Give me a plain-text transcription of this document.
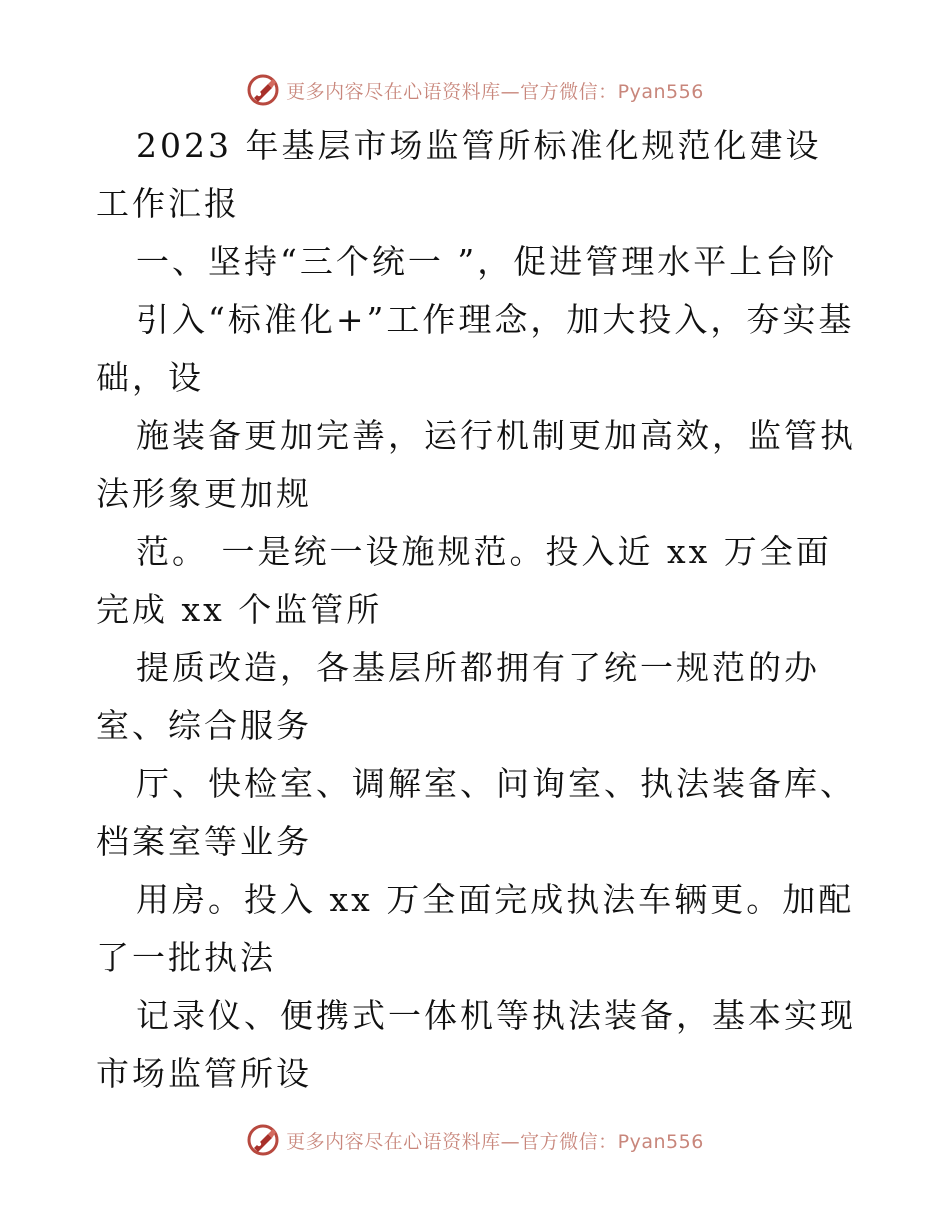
更多内容尽在心语资料库—官方微信：Pyan556

2023 年基层市场监管所标准化规范化建设工作汇报

一、坚持“三个统一 ”，促进管理水平上台阶

引入“标准化+”工作理念，加大投入，夯实基础，设

施装备更加完善，运行机制更加高效，监管执法形象更加规

范。 一是统一设施规范。投入近 xx 万全面完成 xx 个监管所

提质改造，各基层所都拥有了统一规范的办室、综合服务

厅、快检室、调解室、问询室、执法装备库、档案室等业务

用房。投入 xx 万全面完成执法车辆更。加配了一批执法

记录仪、便携式一体机等执法装备，基本实现市场监管所设

更多内容尽在心语资料库—官方微信：Pyan556
